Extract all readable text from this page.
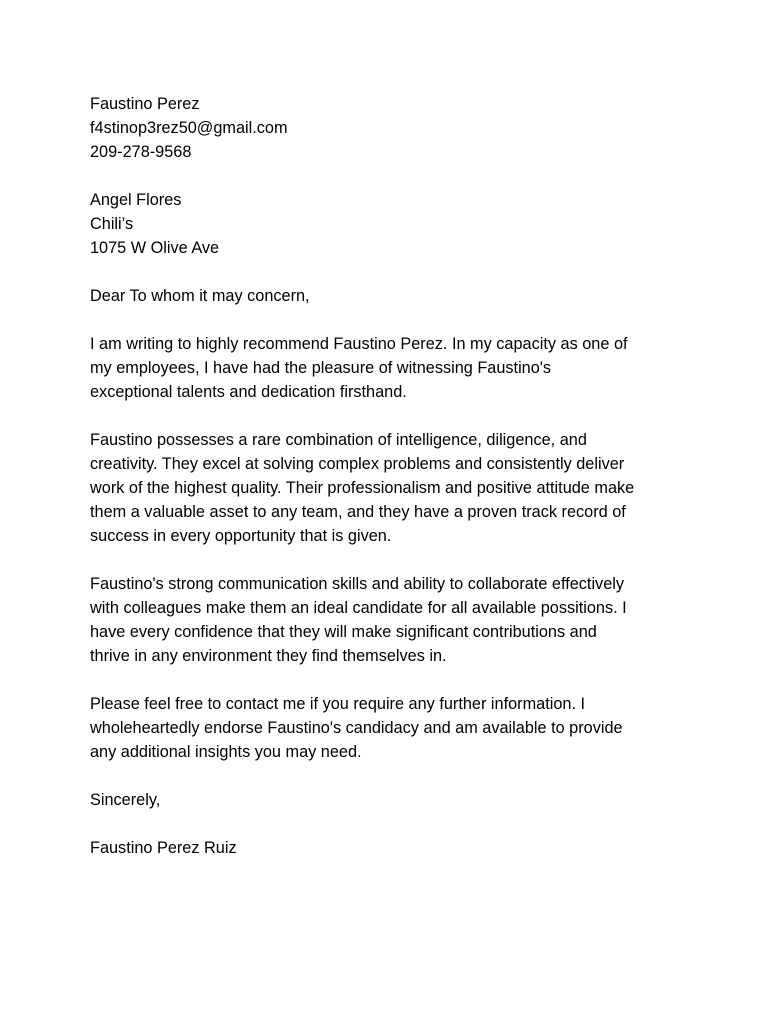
Faustino Perez
f4stinop3rez50@gmail.com
209-278-9568
Angel Flores
Chili’s
1075 W Olive Ave
Dear To whom it may concern,
I am writing to highly recommend Faustino Perez. In my capacity as one of
my employees, I have had the pleasure of witnessing Faustino's
exceptional talents and dedication firsthand.
Faustino possesses a rare combination of intelligence, diligence, and
creativity. They excel at solving complex problems and consistently deliver
work of the highest quality. Their professionalism and positive attitude make
them a valuable asset to any team, and they have a proven track record of
success in every opportunity that is given.
Faustino's strong communication skills and ability to collaborate effectively
with colleagues make them an ideal candidate for all available possitions. I
have every confidence that they will make significant contributions and
thrive in any environment they find themselves in.
Please feel free to contact me if you require any further information. I
wholeheartedly endorse Faustino's candidacy and am available to provide
any additional insights you may need.
Sincerely,
Faustino Perez Ruiz
